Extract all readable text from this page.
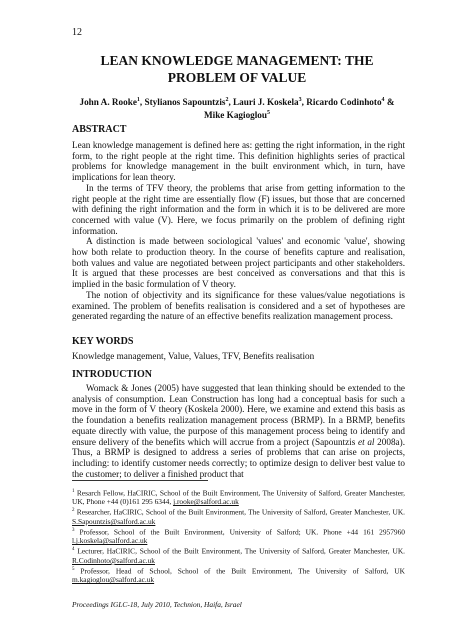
12
LEAN KNOWLEDGE MANAGEMENT: THE
PROBLEM OF VALUE
John A. Rooke$^1$, Stylianos Sapountzis$^2$, Lauri J. Koskela$^3$, Ricardo Codinhoto$^4$ &
Mike Kagioglou$^5$
ABSTRACT

Lean knowledge management is defined here as: getting the right information, in the right form, to the right people at the right time. This definition highlights series of practical problems for knowledge management in the built environment which, in turn, have implications for lean theory.

In the terms of TFV theory, the problems that arise from getting information to the right people at the right time are essentially flow (F) issues, but those that are concerned with defining the right information and the form in which it is to be delivered are more concerned with value (V). Here, we focus primarily on the problem of defining right information.

A distinction is made between sociological 'values' and economic 'value', showing how both relate to production theory. In the course of benefits capture and realisation, both values and value are negotiated between project participants and other stakeholders. It is argued that these processes are best conceived as conversations and that this is implied in the basic formulation of V theory.

The notion of objectivity and its significance for these values/value negotiations is examined. The problem of benefits realisation is considered and a set of hypotheses are generated regarding the nature of an effective benefits realization management process.

KEY WORDS

Knowledge management, Value, Values, TFV, Benefits realisation

INTRODUCTION

Womack & Jones (2005) have suggested that lean thinking should be extended to the analysis of consumption. Lean Construction has long had a conceptual basis for such a move in the form of V theory (Koskela 2000). Here, we examine and extend this basis as the foundation a benefits realization management process (BRMP). In a BRMP, benefits equate directly with value, the purpose of this management process being to identify and ensure delivery of the benefits which will accrue from a project (Sapountzis et al 2008a). Thus, a BRMP is designed to address a series of problems that can arise on projects, including: to identify customer needs correctly; to optimize design to deliver best value to the customer; to deliver a finished product that

$^1$ Resarch Fellow, HaCIRIC, School of the Built Environment, The University of Salford, Greater Manchester, UK, Phone +44 (0)161 295 6344, j.rooke@salford.ac.uk

$^2$ Researcher, HaCIRIC, School of the Built Environment, The University of Salford, Greater Manchester, UK. S.Sapountzis@salford.ac.uk

$^3$ Professor, School of the Built Environment, University of Salford; UK. Phone +44 161 2957960 l.j.koskela@salford.ac.uk

$^4$ Lecturer, HaCIRIC, School of the Built Environment, The University of Salford, Greater Manchester, UK. R.Codinhoto@salford.ac.uk

$^5$ Professor, Head of School, School of the Built Environment, The University of Salford, UK m.kagioglou@salford.ac.uk

Proceedings IGLC-18, July 2010, Technion, Haifa, Israel
